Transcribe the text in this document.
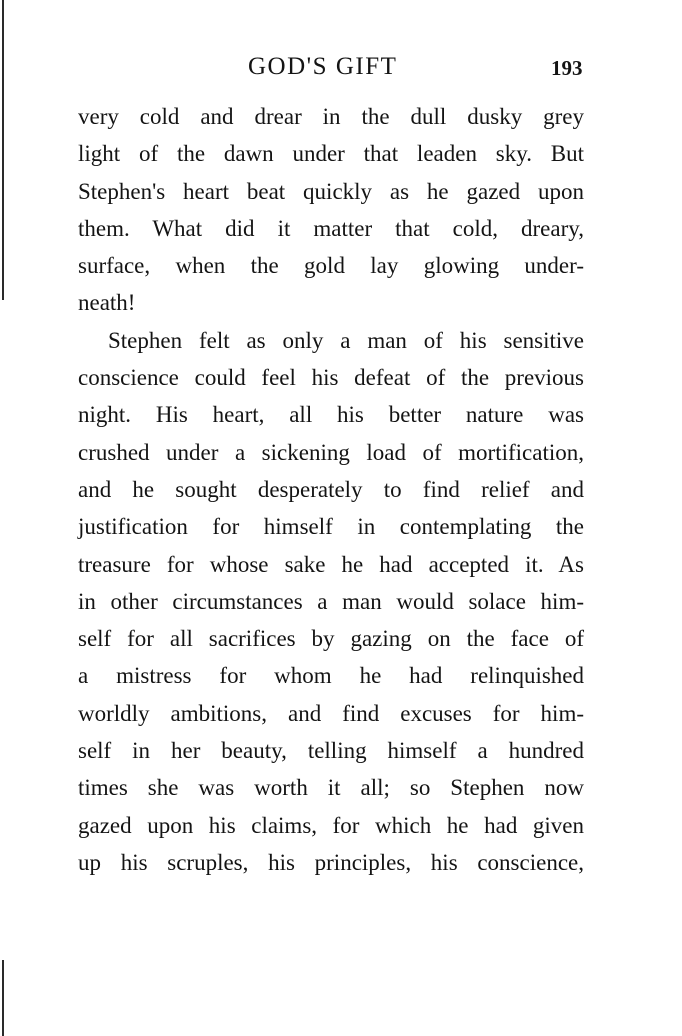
GOD'S GIFT	193
very cold and drear in the dull dusky grey
light of the dawn under that leaden sky. But
Stephen's heart beat quickly as he gazed upon
them. What did it matter that cold, dreary,
surface, when the gold lay glowing under-
neath!
Stephen felt as only a man of his sensitive
conscience could feel his defeat of the previous
night. His heart, all his better nature was
crushed under a sickening load of mortification,
and he sought desperately to find relief and
justification for himself in contemplating the
treasure for whose sake he had accepted it. As
in other circumstances a man would solace him-
self for all sacrifices by gazing on the face of
a mistress for whom he had relinquished
worldly ambitions, and find excuses for him-
self in her beauty, telling himself a hundred
times she was worth it all; so Stephen now
gazed upon his claims, for which he had given
up his scruples, his principles, his conscience,
